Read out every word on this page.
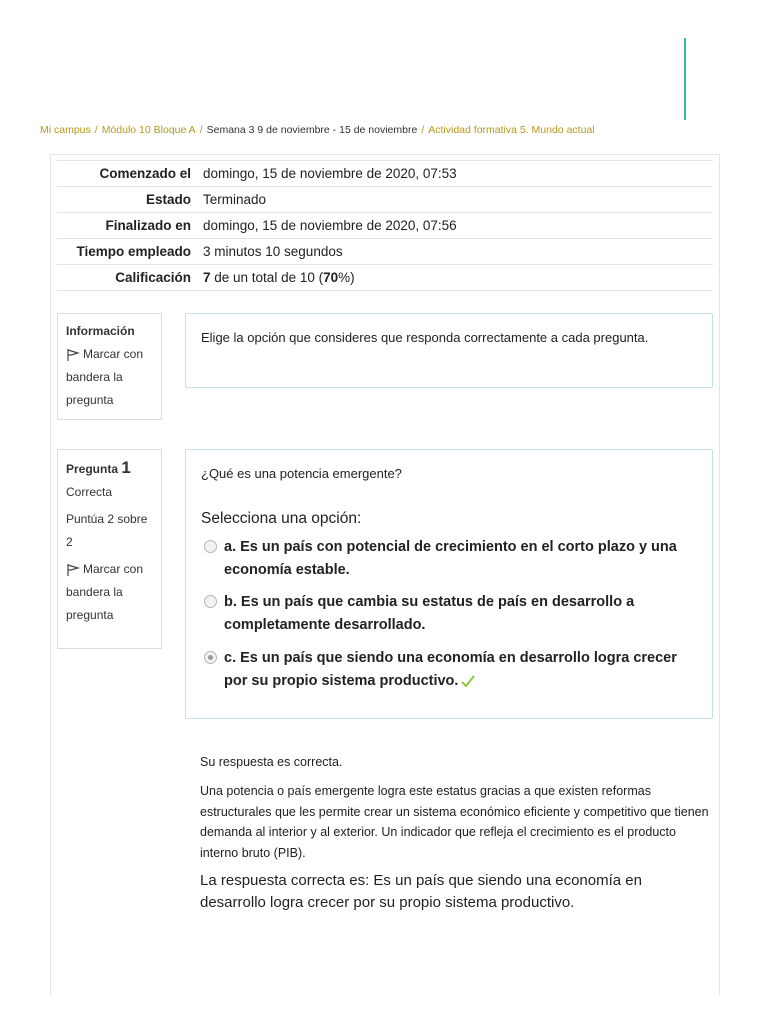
Mi campus / Módulo 10 Bloque A / Semana 3 9 de noviembre - 15 de noviembre / Actividad formativa 5. Mundo actual
Comenzado el	domingo, 15 de noviembre de 2020, 07:53
Estado	Terminado
Finalizado en	domingo, 15 de noviembre de 2020, 07:56
Tiempo empleado	3 minutos 10 segundos
Calificación	7 de un total de 10 (70%)
Información
Marcar con bandera la pregunta
Elige la opción que consideres que responda correctamente a cada pregunta.
Pregunta 1
Correcta
Puntúa 2 sobre 2
Marcar con bandera la pregunta
¿Qué es una potencia emergente?
Selecciona una opción:
a. Es un país con potencial de crecimiento en el corto plazo y una economía estable.
b. Es un país que cambia su estatus de país en desarrollo a completamente desarrollado.
c. Es un país que siendo una economía en desarrollo logra crecer por su propio sistema productivo.
Su respuesta es correcta.
Una potencia o país emergente logra este estatus gracias a que existen reformas estructurales que les permite crear un sistema económico eficiente y competitivo que tienen demanda al interior y al exterior. Un indicador que refleja el crecimiento es el producto interno bruto (PIB).
La respuesta correcta es: Es un país que siendo una economía en desarrollo logra crecer por su propio sistema productivo.
